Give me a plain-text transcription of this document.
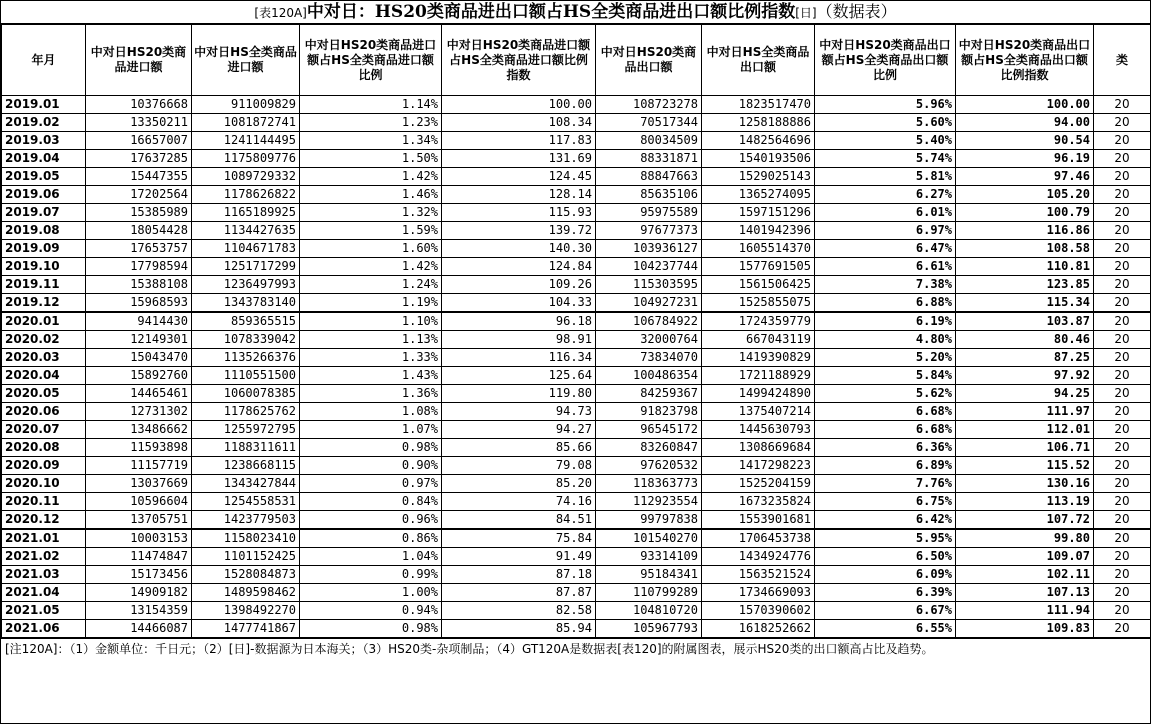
[表120A]中对日：HS20类商品进出口额占HS全类商品进出口额比例指数[日]（数据表）
年月	中对日HS20类商品进口额	中对日HS全类商品进口额	中对日HS20类商品进口额占HS全类商品进口额比例	中对日HS20类商品进口额占HS全类商品进口额比例指数	中对日HS20类商品出口额	中对日HS全类商品出口额	中对日HS20类商品出口额占HS全类商品出口额比例	中对日HS20类商品出口额占HS全类商品出口额比例指数	类
2019.01	10376668	911009829	1.14%	100.00	108723278	1823517470	5.96%	100.00	20
2019.02	13350211	1081872741	1.23%	108.34	70517344	1258188886	5.60%	94.00	20
2019.03	16657007	1241144495	1.34%	117.83	80034509	1482564696	5.40%	90.54	20
2019.04	17637285	1175809776	1.50%	131.69	88331871	1540193506	5.74%	96.19	20
2019.05	15447355	1089729332	1.42%	124.45	88847663	1529025143	5.81%	97.46	20
2019.06	17202564	1178626822	1.46%	128.14	85635106	1365274095	6.27%	105.20	20
2019.07	15385989	1165189925	1.32%	115.93	95975589	1597151296	6.01%	100.79	20
2019.08	18054428	1134427635	1.59%	139.72	97677373	1401942396	6.97%	116.86	20
2019.09	17653757	1104671783	1.60%	140.30	103936127	1605514370	6.47%	108.58	20
2019.10	17798594	1251717299	1.42%	124.84	104237744	1577691505	6.61%	110.81	20
2019.11	15388108	1236497993	1.24%	109.26	115303595	1561506425	7.38%	123.85	20
2019.12	15968593	1343783140	1.19%	104.33	104927231	1525855075	6.88%	115.34	20
2020.01	9414430	859365515	1.10%	96.18	106784922	1724359779	6.19%	103.87	20
2020.02	12149301	1078339042	1.13%	98.91	32000764	667043119	4.80%	80.46	20
2020.03	15043470	1135266376	1.33%	116.34	73834070	1419390829	5.20%	87.25	20
2020.04	15892760	1110551500	1.43%	125.64	100486354	1721188929	5.84%	97.92	20
2020.05	14465461	1060078385	1.36%	119.80	84259367	1499424890	5.62%	94.25	20
2020.06	12731302	1178625762	1.08%	94.73	91823798	1375407214	6.68%	111.97	20
2020.07	13486662	1255972795	1.07%	94.27	96545172	1445630793	6.68%	112.01	20
2020.08	11593898	1188311611	0.98%	85.66	83260847	1308669684	6.36%	106.71	20
2020.09	11157719	1238668115	0.90%	79.08	97620532	1417298223	6.89%	115.52	20
2020.10	13037669	1343427844	0.97%	85.20	118363773	1525204159	7.76%	130.16	20
2020.11	10596604	1254558531	0.84%	74.16	112923554	1673235824	6.75%	113.19	20
2020.12	13705751	1423779503	0.96%	84.51	99797838	1553901681	6.42%	107.72	20
2021.01	10003153	1158023410	0.86%	75.84	101540270	1706453738	5.95%	99.80	20
2021.02	11474847	1101152425	1.04%	91.49	93314109	1434924776	6.50%	109.07	20
2021.03	15173456	1528084873	0.99%	87.18	95184341	1563521524	6.09%	102.11	20
2021.04	14909182	1489598462	1.00%	87.87	110799289	1734669093	6.39%	107.13	20
2021.05	13154359	1398492270	0.94%	82.58	104810720	1570390602	6.67%	111.94	20
2021.06	14466087	1477741867	0.98%	85.94	105967793	1618252662	6.55%	109.83	20
[注120A]：（1）金额单位：千日元；（2）[日]-数据源为日本海关；（3）HS20类-杂项制品；（4）GT120A是数据表[表120]的附属图表，展示HS20类的出口额高占比及趋势。
